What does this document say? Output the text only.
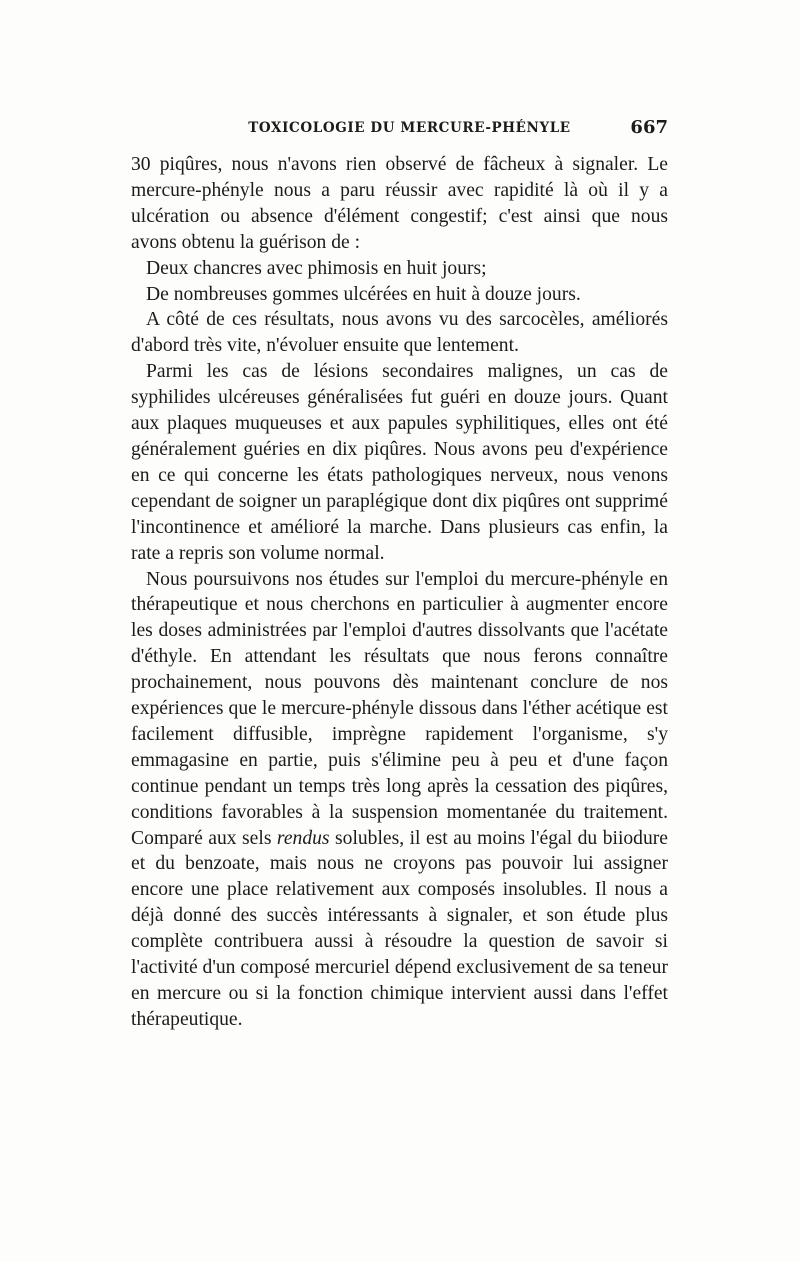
TOXICOLOGIE DU MERCURE-PHÉNYLE	667

30 piqûres, nous n'avons rien observé de fâcheux à signaler. Le mercure-phényle nous a paru réussir avec rapidité là où il y a ulcération ou absence d'élément congestif; c'est ainsi que nous avons obtenu la guérison de :

Deux chancres avec phimosis en huit jours;

De nombreuses gommes ulcérées en huit à douze jours.

A côté de ces résultats, nous avons vu des sarcocèles, améliorés d'abord très vite, n'évoluer ensuite que lentement.

Parmi les cas de lésions secondaires malignes, un cas de syphilides ulcéreuses généralisées fut guéri en douze jours. Quant aux plaques muqueuses et aux papules syphilitiques, elles ont été généralement guéries en dix piqûres. Nous avons peu d'expérience en ce qui concerne les états pathologiques nerveux, nous venons cependant de soigner un paraplégique dont dix piqûres ont supprimé l'incontinence et amélioré la marche. Dans plusieurs cas enfin, la rate a repris son volume normal.

Nous poursuivons nos études sur l'emploi du mercure-phényle en thérapeutique et nous cherchons en particulier à augmenter encore les doses administrées par l'emploi d'autres dissolvants que l'acétate d'éthyle. En attendant les résultats que nous ferons connaître prochainement, nous pouvons dès maintenant conclure de nos expériences que le mercure-phényle dissous dans l'éther acétique est facilement diffusible, imprègne rapidement l'organisme, s'y emmagasine en partie, puis s'élimine peu à peu et d'une façon continue pendant un temps très long après la cessation des piqûres, conditions favorables à la suspension momentanée du traitement. Comparé aux sels rendus solubles, il est au moins l'égal du biiodure et du benzoate, mais nous ne croyons pas pouvoir lui assigner encore une place relativement aux composés insolubles. Il nous a déjà donné des succès intéressants à signaler, et son étude plus complète contribuera aussi à résoudre la question de savoir si l'activité d'un composé mercuriel dépend exclusivement de sa teneur en mercure ou si la fonction chimique intervient aussi dans l'effet thérapeutique.
